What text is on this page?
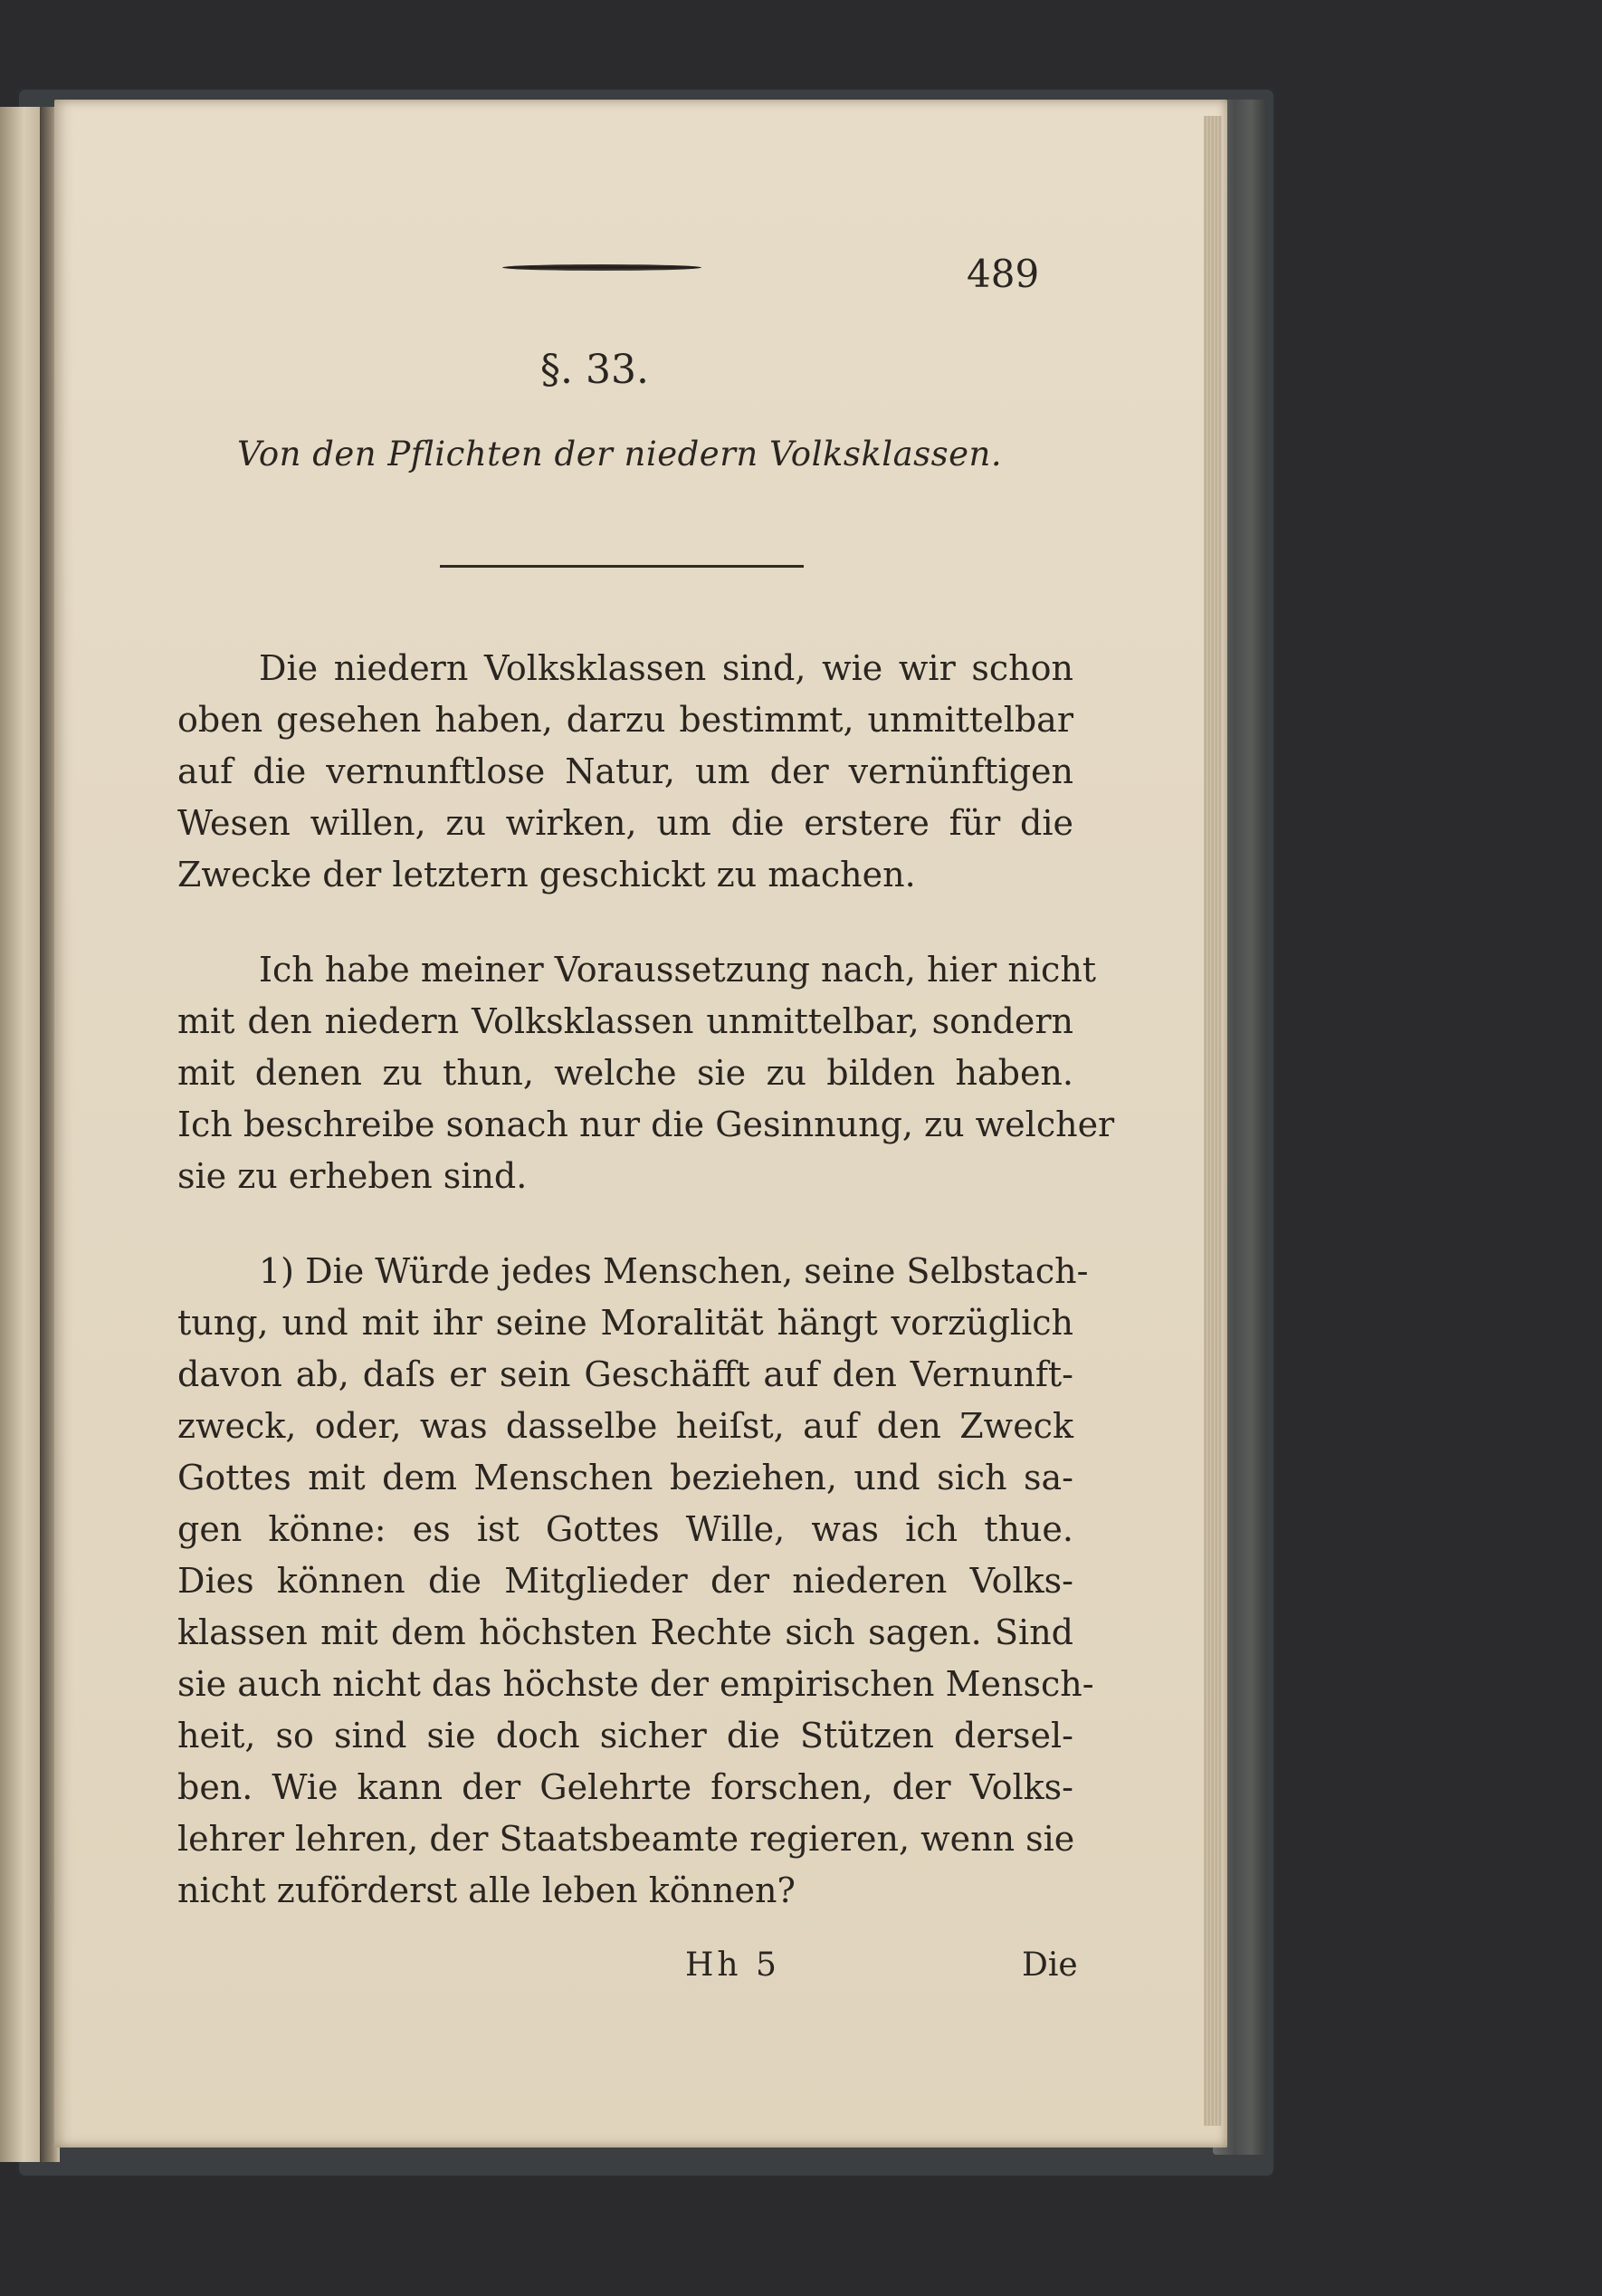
489
§. 33.
Von den Pflichten der niedern Volksklassen.
Die niedern Volksklassen sind, wie wir schon
oben gesehen haben, darzu bestimmt, unmittelbar
auf die vernunftlose Natur, um der vernünftigen
Wesen willen, zu wirken, um die erstere für die
Zwecke der letztern geschickt zu machen.
Ich habe meiner Voraussetzung nach, hier nicht
mit den niedern Volksklassen unmittelbar, sondern
mit denen zu thun, welche sie zu bilden haben.
Ich beschreibe sonach nur die Gesinnung, zu welcher
sie zu erheben sind.
1) Die Würde jedes Menschen, seine Selbstach-
tung, und mit ihr seine Moralität hängt vorzüglich
davon ab, daſs er sein Geschäfft auf den Vernunft-
zweck, oder, was dasselbe heiſst, auf den Zweck
Gottes mit dem Menschen beziehen, und sich sa-
gen könne: es ist Gottes Wille, was ich thue.
Dies können die Mitglieder der niederen Volks-
klassen mit dem höchsten Rechte sich sagen. Sind
sie auch nicht das höchste der empirischen Mensch-
heit, so sind sie doch sicher die Stützen dersel-
ben. Wie kann der Gelehrte forschen, der Volks-
lehrer lehren, der Staatsbeamte regieren, wenn sie
nicht zuförderst alle leben können?
Hh 5	Die
